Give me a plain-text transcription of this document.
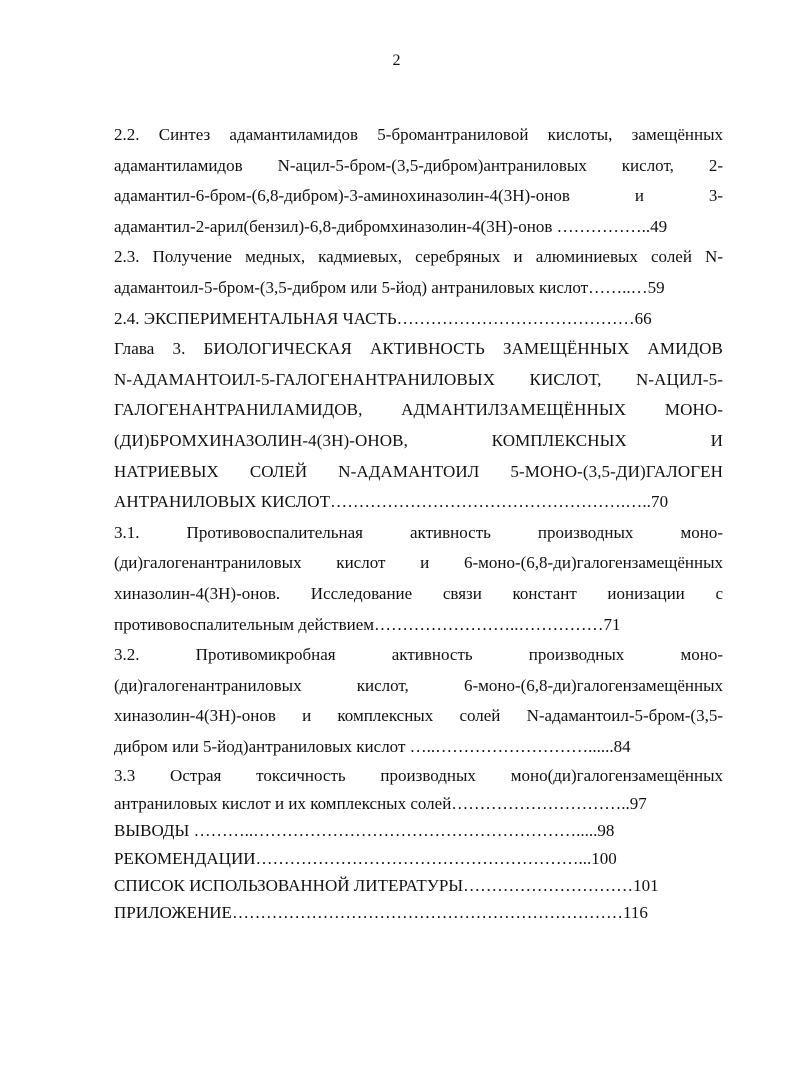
2
2.2. Синтез адамантиламидов 5-бромантраниловой кислоты, замещённых
адамантиламидов N-ацил-5-бром-(3,5-дибром)антраниловых кислот, 2-
адамантил-6-бром-(6,8-дибром)-3-аминохиназолин-4(3H)-онов и 3-
адамантил-2-арил(бензил)-6,8-дибромхиназолин-4(3H)-онов ……………..49
2.3. Получение медных, кадмиевых, серебряных и алюминиевых солей N-
адамантоил-5-бром-(3,5-дибром или 5-йод) антраниловых кислот……..…59
2.4. ЭКСПЕРИМЕНТАЛЬНАЯ ЧАСТЬ……………………………………66
Глава 3. БИОЛОГИЧЕСКАЯ АКТИВНОСТЬ ЗАМЕЩЁННЫХ АМИДОВ
N-АДАМАНТОИЛ-5-ГАЛОГЕНАНТРАНИЛОВЫХ КИСЛОТ, N-АЦИЛ-5-
ГАЛОГЕНАНТРАНИЛАМИДОВ, АДМАНТИЛЗАМЕЩЁННЫХ МОНО-
(ДИ)БРОМХИНАЗОЛИН-4(3H)-ОНОВ, КОМПЛЕКСНЫХ И
НАТРИЕВЫХ СОЛЕЙ N-АДАМАНТОИЛ 5-МОНО-(3,5-ДИ)ГАЛОГЕН
АНТРАНИЛОВЫХ КИСЛОТ…………………………………………….…..70
3.1. Противовоспалительная активность производных моно-
(ди)галогенантраниловых кислот и 6-моно-(6,8-ди)галогензамещённых
хиназолин-4(3H)-онов. Исследование связи констант ионизации с
противовоспалительным действием……………………..……………71
3.2. Противомикробная активность производных моно-
(ди)галогенантраниловых кислот, 6-моно-(6,8-ди)галогензамещённых
хиназолин-4(3H)-онов и комплексных солей N-адамантоил-5-бром-(3,5-
дибром или 5-йод)антраниловых кислот …..………………………......84
3.3 Острая токсичность производных моно(ди)галогензамещённых
антраниловых кислот и их комплексных солей…………………………..97
ВЫВОДЫ ………..………………………………………………….....98
РЕКОМЕНДАЦИИ…………………………………………………...100
СПИСОК ИСПОЛЬЗОВАННОЙ ЛИТЕРАТУРЫ…………………………101
ПРИЛОЖЕНИЕ……………………………………………………………116
